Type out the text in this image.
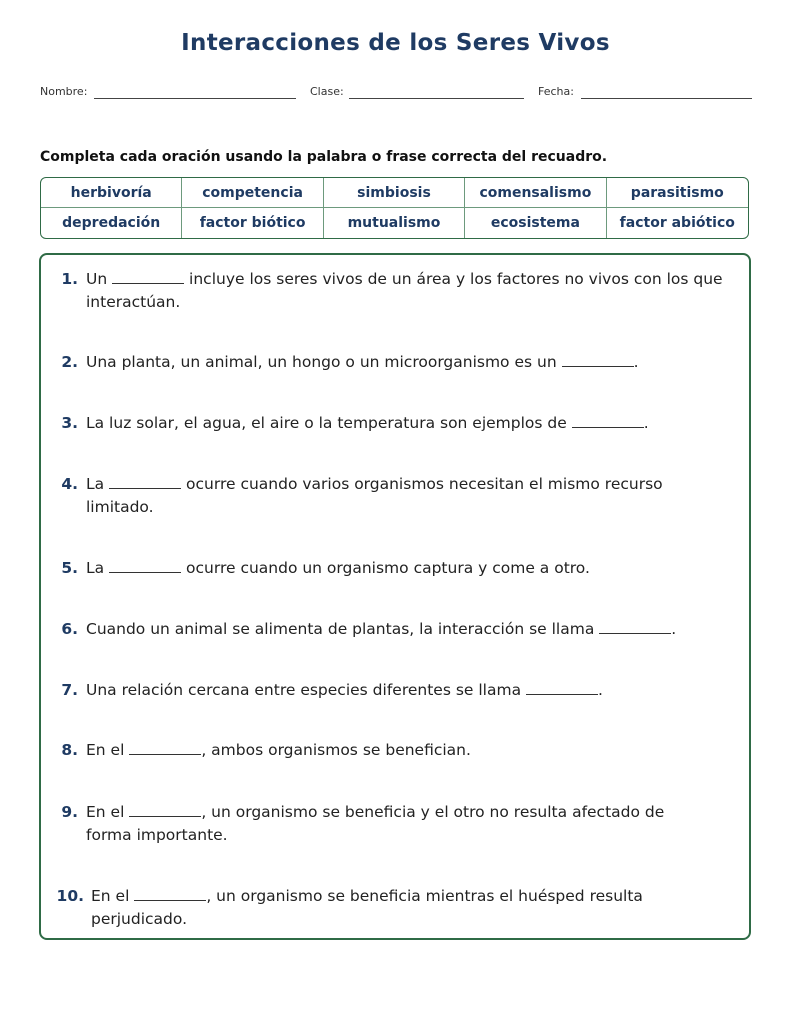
Interacciones de los Seres Vivos
Nombre:	Clase:	Fecha:
Completa cada oración usando la palabra o frase correcta del recuadro.
herbivoría	competencia	simbiosis	comensalismo	parasitismo
depredación	factor biótico	mutualismo	ecosistema	factor abiótico
1. Un	incluye los seres vivos de un área y los factores no vivos con los que
interactúan.
2. Una planta, un animal, un hongo o un microorganismo es un	.
3. La luz solar, el agua, el aire o la temperatura son ejemplos de	.
4. La	ocurre cuando varios organismos necesitan el mismo recurso
limitado.
5. La	ocurre cuando un organismo captura y come a otro.
6. Cuando un animal se alimenta de plantas, la interacción se llama	.
7. Una relación cercana entre especies diferentes se llama	.
8. En el	, ambos organismos se benefician.
9. En el	, un organismo se beneficia y el otro no resulta afectado de
forma importante.
10. En el	, un organismo se beneficia mientras el huésped resulta
perjudicado.
